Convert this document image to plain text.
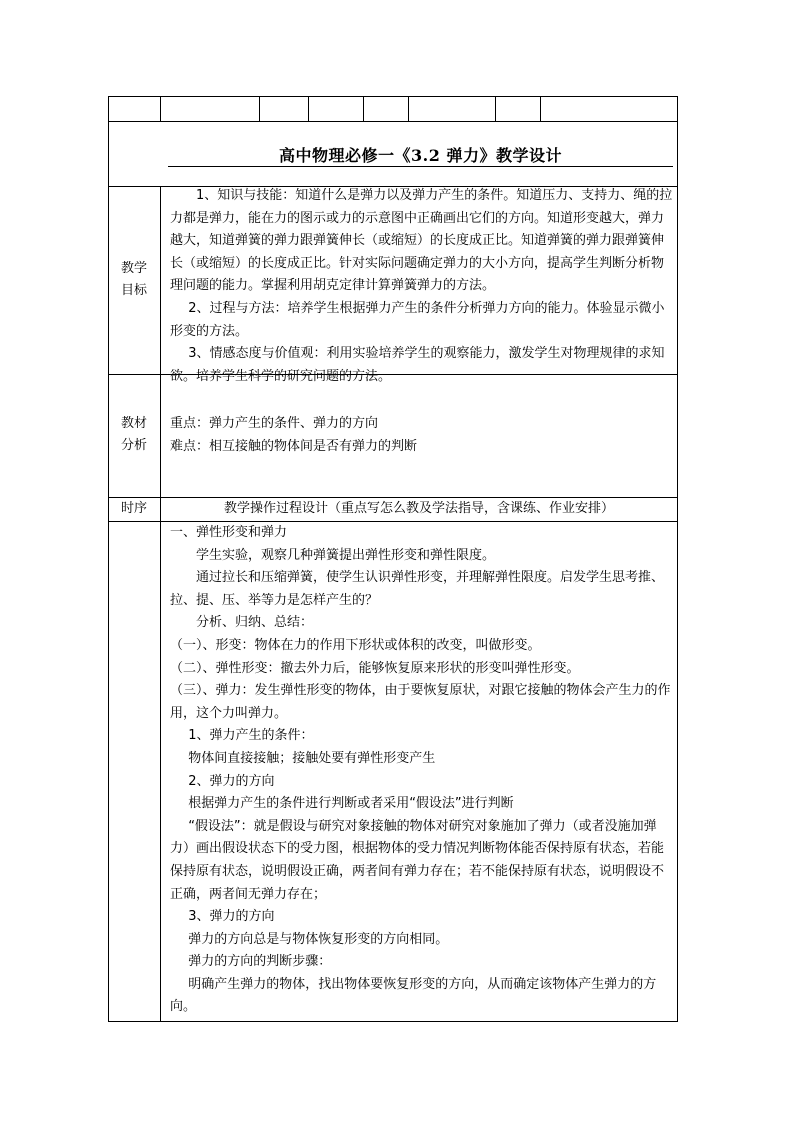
高中物理必修一《3.2 弹力》教学设计
教学
目标

1、知识与技能：知道什么是弹力以及弹力产生的条件。知道压力、支持力、绳的拉力都是弹力，能在力的图示或力的示意图中正确画出它们的方向。知道形变越大，弹力越大，知道弹簧的弹力跟弹簧伸长（或缩短）的长度成正比。知道弹簧的弹力跟弹簧伸长（或缩短）的长度成正比。针对实际问题确定弹力的大小方向，提高学生判断分析物理问题的能力。掌握利用胡克定律计算弹簧弹力的方法。

2、过程与方法：培养学生根据弹力产生的条件分析弹力方向的能力。体验显示微小形变的方法。

3、情感态度与价值观：利用实验培养学生的观察能力，激发学生对物理规律的求知欲。培养学生科学的研究问题的方法。

教材
分析

重点：弹力产生的条件、弹力的方向

难点：相互接触的物体间是否有弹力的判断

时序	教学操作过程设计（重点写怎么教及学法指导，含课练、作业安排）

一、弹性形变和弹力

学生实验，观察几种弹簧提出弹性形变和弹性限度。

通过拉长和压缩弹簧，使学生认识弹性形变，并理解弹性限度。启发学生思考推、拉、提、压、举等力是怎样产生的？

分析、归纳、总结：

（一）、形变：物体在力的作用下形状或体积的改变，叫做形变。

（二）、弹性形变：撤去外力后，能够恢复原来形状的形变叫弹性形变。

（三）、弹力：发生弹性形变的物体，由于要恢复原状，对跟它接触的物体会产生力的作用，这个力叫弹力。

1、弹力产生的条件：

物体间直接接触；接触处要有弹性形变产生

2、弹力的方向

根据弹力产生的条件进行判断或者采用“假设法”进行判断

“假设法”：就是假设与研究对象接触的物体对研究对象施加了弹力（或者没施加弹力）画出假设状态下的受力图，根据物体的受力情况判断物体能否保持原有状态，若能保持原有状态，说明假设正确，两者间有弹力存在；若不能保持原有状态，说明假设不正确，两者间无弹力存在；

3、弹力的方向

弹力的方向总是与物体恢复形变的方向相同。

弹力的方向的判断步骤：

明确产生弹力的物体，找出物体要恢复形变的方向，从而确定该物体产生弹力的方向。
